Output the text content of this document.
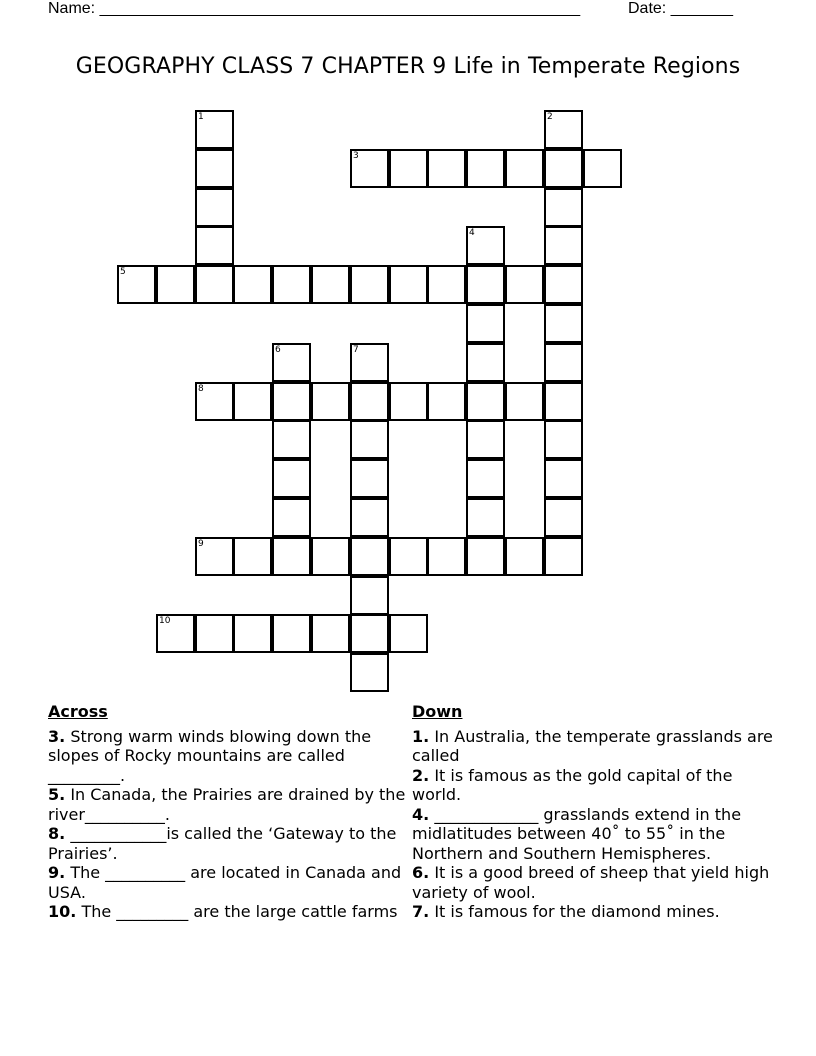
Name: ______________________________________________________

	Date: _______

GEOGRAPHY CLASS 7 CHAPTER 9 Life in Temperate Regions
1	2
3
4
5
6	7
8
9
10
Across
3. Strong warm winds blowing down the slopes of Rocky mountains are called _________.
5. In Canada, the Prairies are drained by the river__________.
8. ____________is called the ‘Gateway to the Prairies’.
9. The __________ are located in Canada and USA.
10. The _________ are the large cattle farms
Down
1. In Australia, the temperate grasslands are called
2. It is famous as the gold capital of the world.
4. _____________ grasslands extend in the midlatitudes between 40˚ to 55˚ in the Northern and Southern Hemispheres.
6. It is a good breed of sheep that yield high variety of wool.
7. It is famous for the diamond mines.
